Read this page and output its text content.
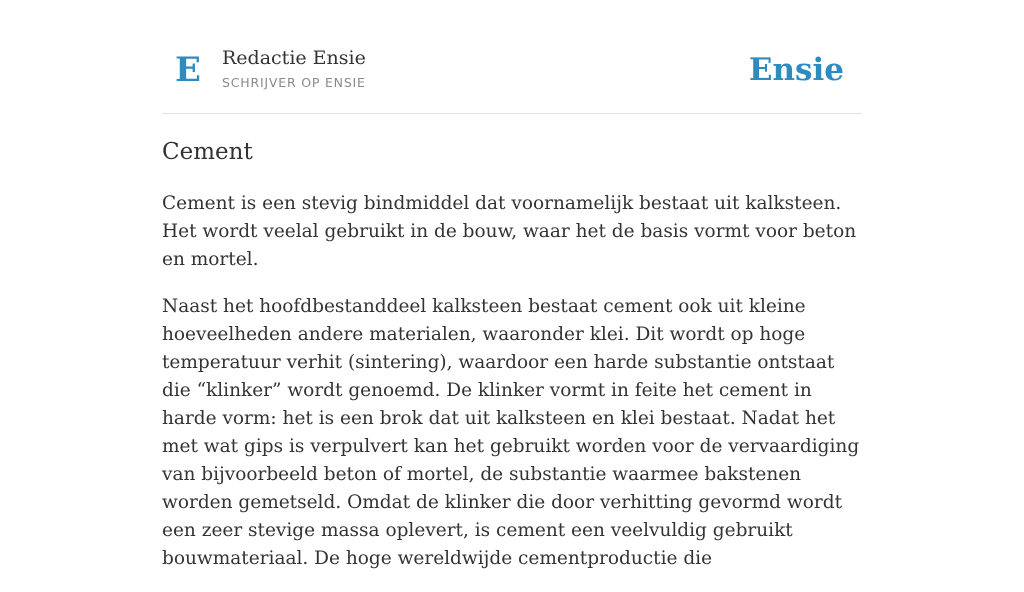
E Redactie Ensie
SCHRIJVER OP ENSIE	Ensie
Cement

Cement is een stevig bindmiddel dat voornamelijk bestaat uit kalksteen. Het wordt veelal gebruikt in de bouw, waar het de basis vormt voor beton en mortel.

Naast het hoofdbestanddeel kalksteen bestaat cement ook uit kleine hoeveelheden andere materialen, waaronder klei. Dit wordt op hoge temperatuur verhit (sintering), waardoor een harde substantie ontstaat die “klinker” wordt genoemd. De klinker vormt in feite het cement in harde vorm: het is een brok dat uit kalksteen en klei bestaat. Nadat het met wat gips is verpulvert kan het gebruikt worden voor de vervaardiging van bijvoorbeeld beton of mortel, de substantie waarmee bakstenen worden gemetseld. Omdat de klinker die door verhitting gevormd wordt een zeer stevige massa oplevert, is cement een veelvuldig gebruikt bouwmateriaal. De hoge wereldwijde cementproductie die
